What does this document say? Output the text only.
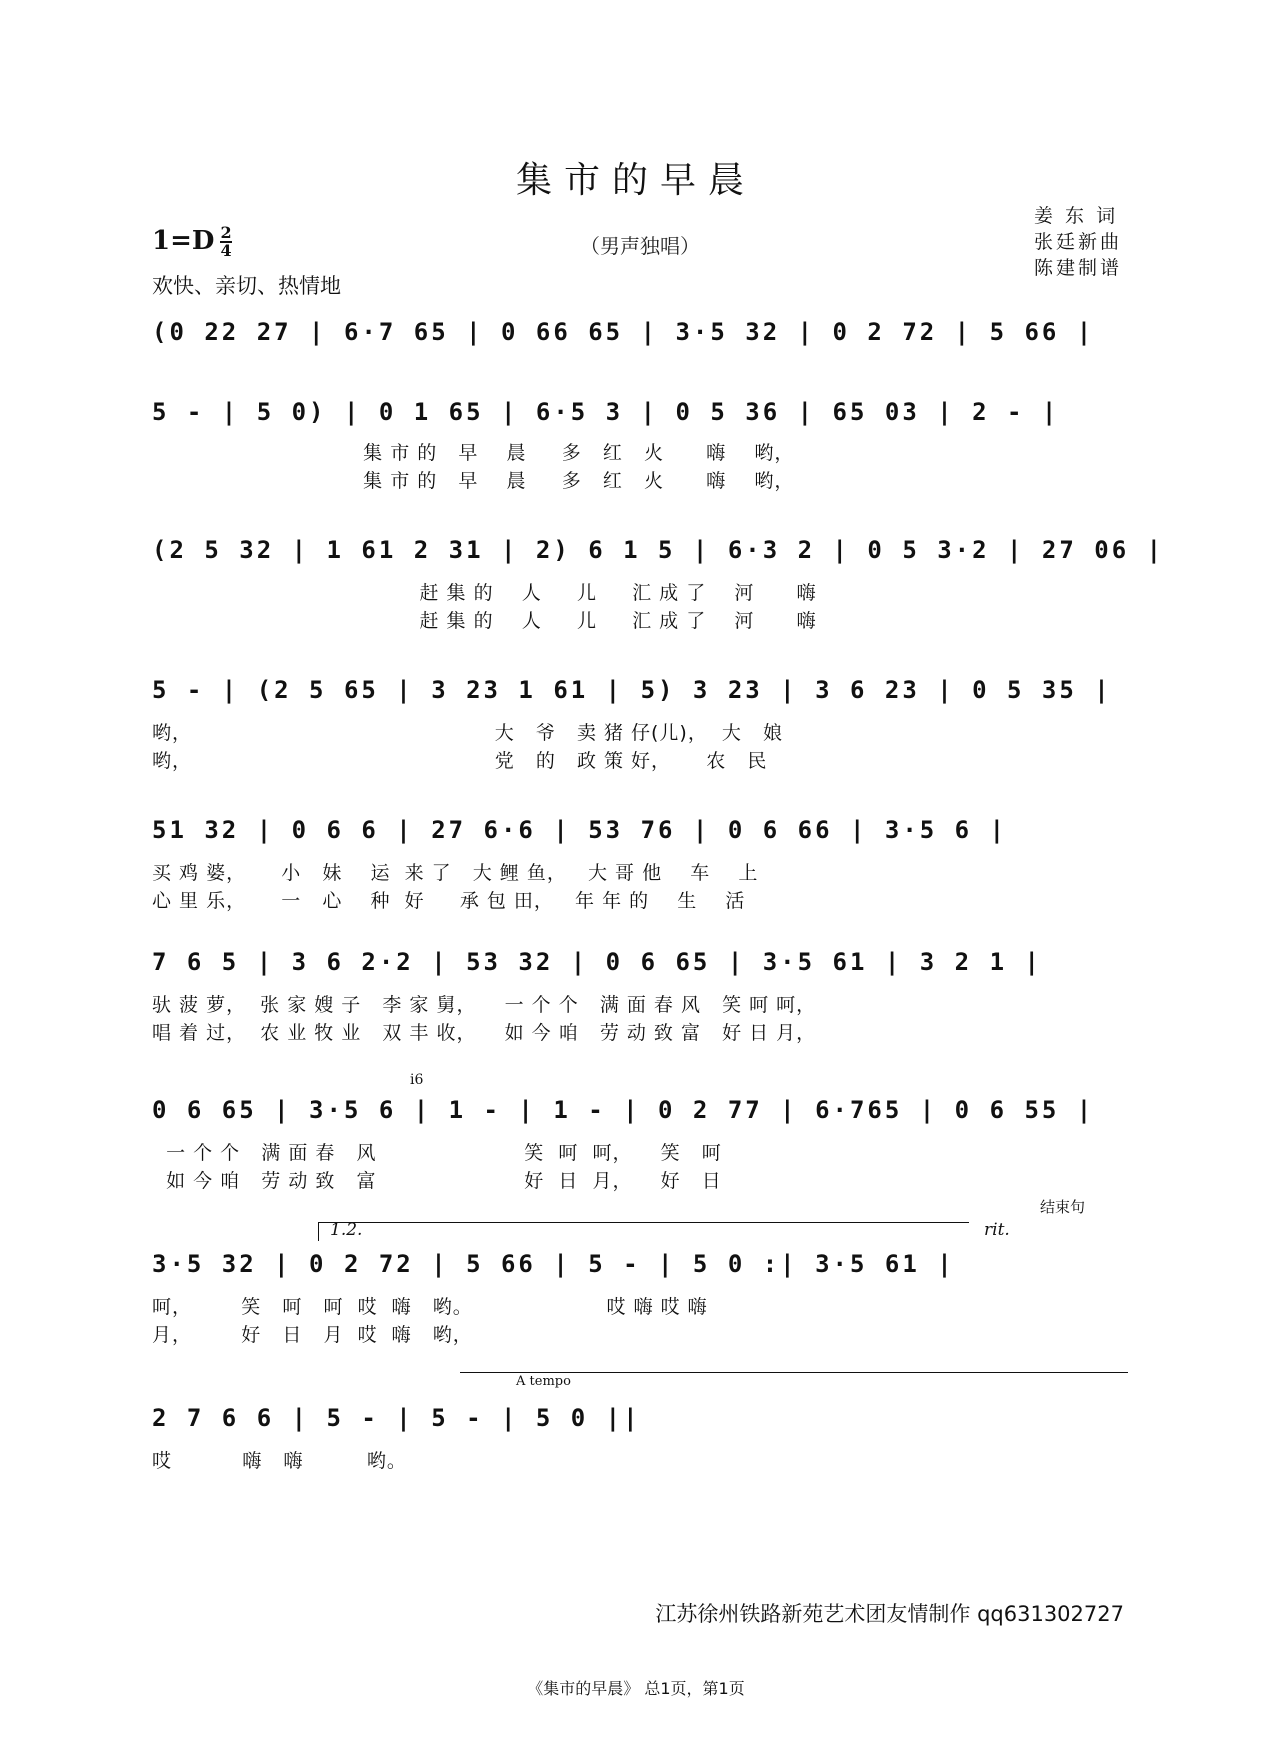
集市的早晨
$1=D \frac{2}{4}$
欢快、亲切、热情地
（男声独唱）
姜 东 词
张廷新曲
陈建制谱
(0 22 27 | 6·7 65 | 0 66 65 | 3·5 32 | 0 2 72 | 5 66 |
5 - | 5 0) | 0 1 65 | 6·5 3 | 0 5 36 | 65 03 | 2 - |
集 市 的   早    晨     多   红   火      嗨    哟，
集 市 的   早    晨     多   红   火      嗨    哟，
(2 5 32 | 1 61 2 31 | 2) 6 1 5 | 6·3 2 | 0 5 3·2 | 27 06 |
赶 集 的    人     儿     汇 成 了    河      嗨
赶 集 的    人     儿     汇 成 了    河      嗨
5 - | (2 5 65 | 3 23 1 61 | 5) 3 23 | 3 6 23 | 0 5 35 |
哟，                                           大   爷   卖 猪 仔(儿)，  大   娘
哟，                                           党   的   政 策 好，     农   民
51 32 | 0 6 6 | 27 6·6 | 53 76 | 0 6 66 | 3·5 6 |
买 鸡 婆，     小   妹    运  来 了   大 鲤 鱼，   大 哥 他    车    上
心 里 乐，     一   心    种  好     承 包 田，   年 年 的    生    活
7 6 5 | 3 6 2·2 | 53 32 | 0 6 65 | 3·5 61 | 3 2 1 |
驮 菠 萝，  张 家 嫂 子   李 家 舅，    一 个 个   满 面 春 风   笑 呵 呵，
唱 着 过，  农 业 牧 业   双 丰 收，    如 今 咱   劳 动 致 富   好 日 月，
i6
0 6 65 | 3·5 6 | 1 - | 1 - | 0 2 77 | 6·765 | 0 6 55 |
一 个 个   满 面 春   风                     笑  呵  呵，    笑   呵
如 今 咱   劳 动 致   富                     好  日  月，    好   日
结束句
1.2.	rit.
3·5 32 | 0 2 72 | 5 66 | 5 - | 5 0 :| 3·5 61 |
呵，       笑   呵   呵  哎  嗨   哟。                   哎 嗨 哎 嗨
月，       好   日   月  哎  嗨   哟，
A tempo
2 7 6 6 | 5 - | 5 - | 5 0 ||
哎          嗨   嗨         哟。
江苏徐州铁路新苑艺术团友情制作 qq631302727
《集市的早晨》 总1页，第1页
